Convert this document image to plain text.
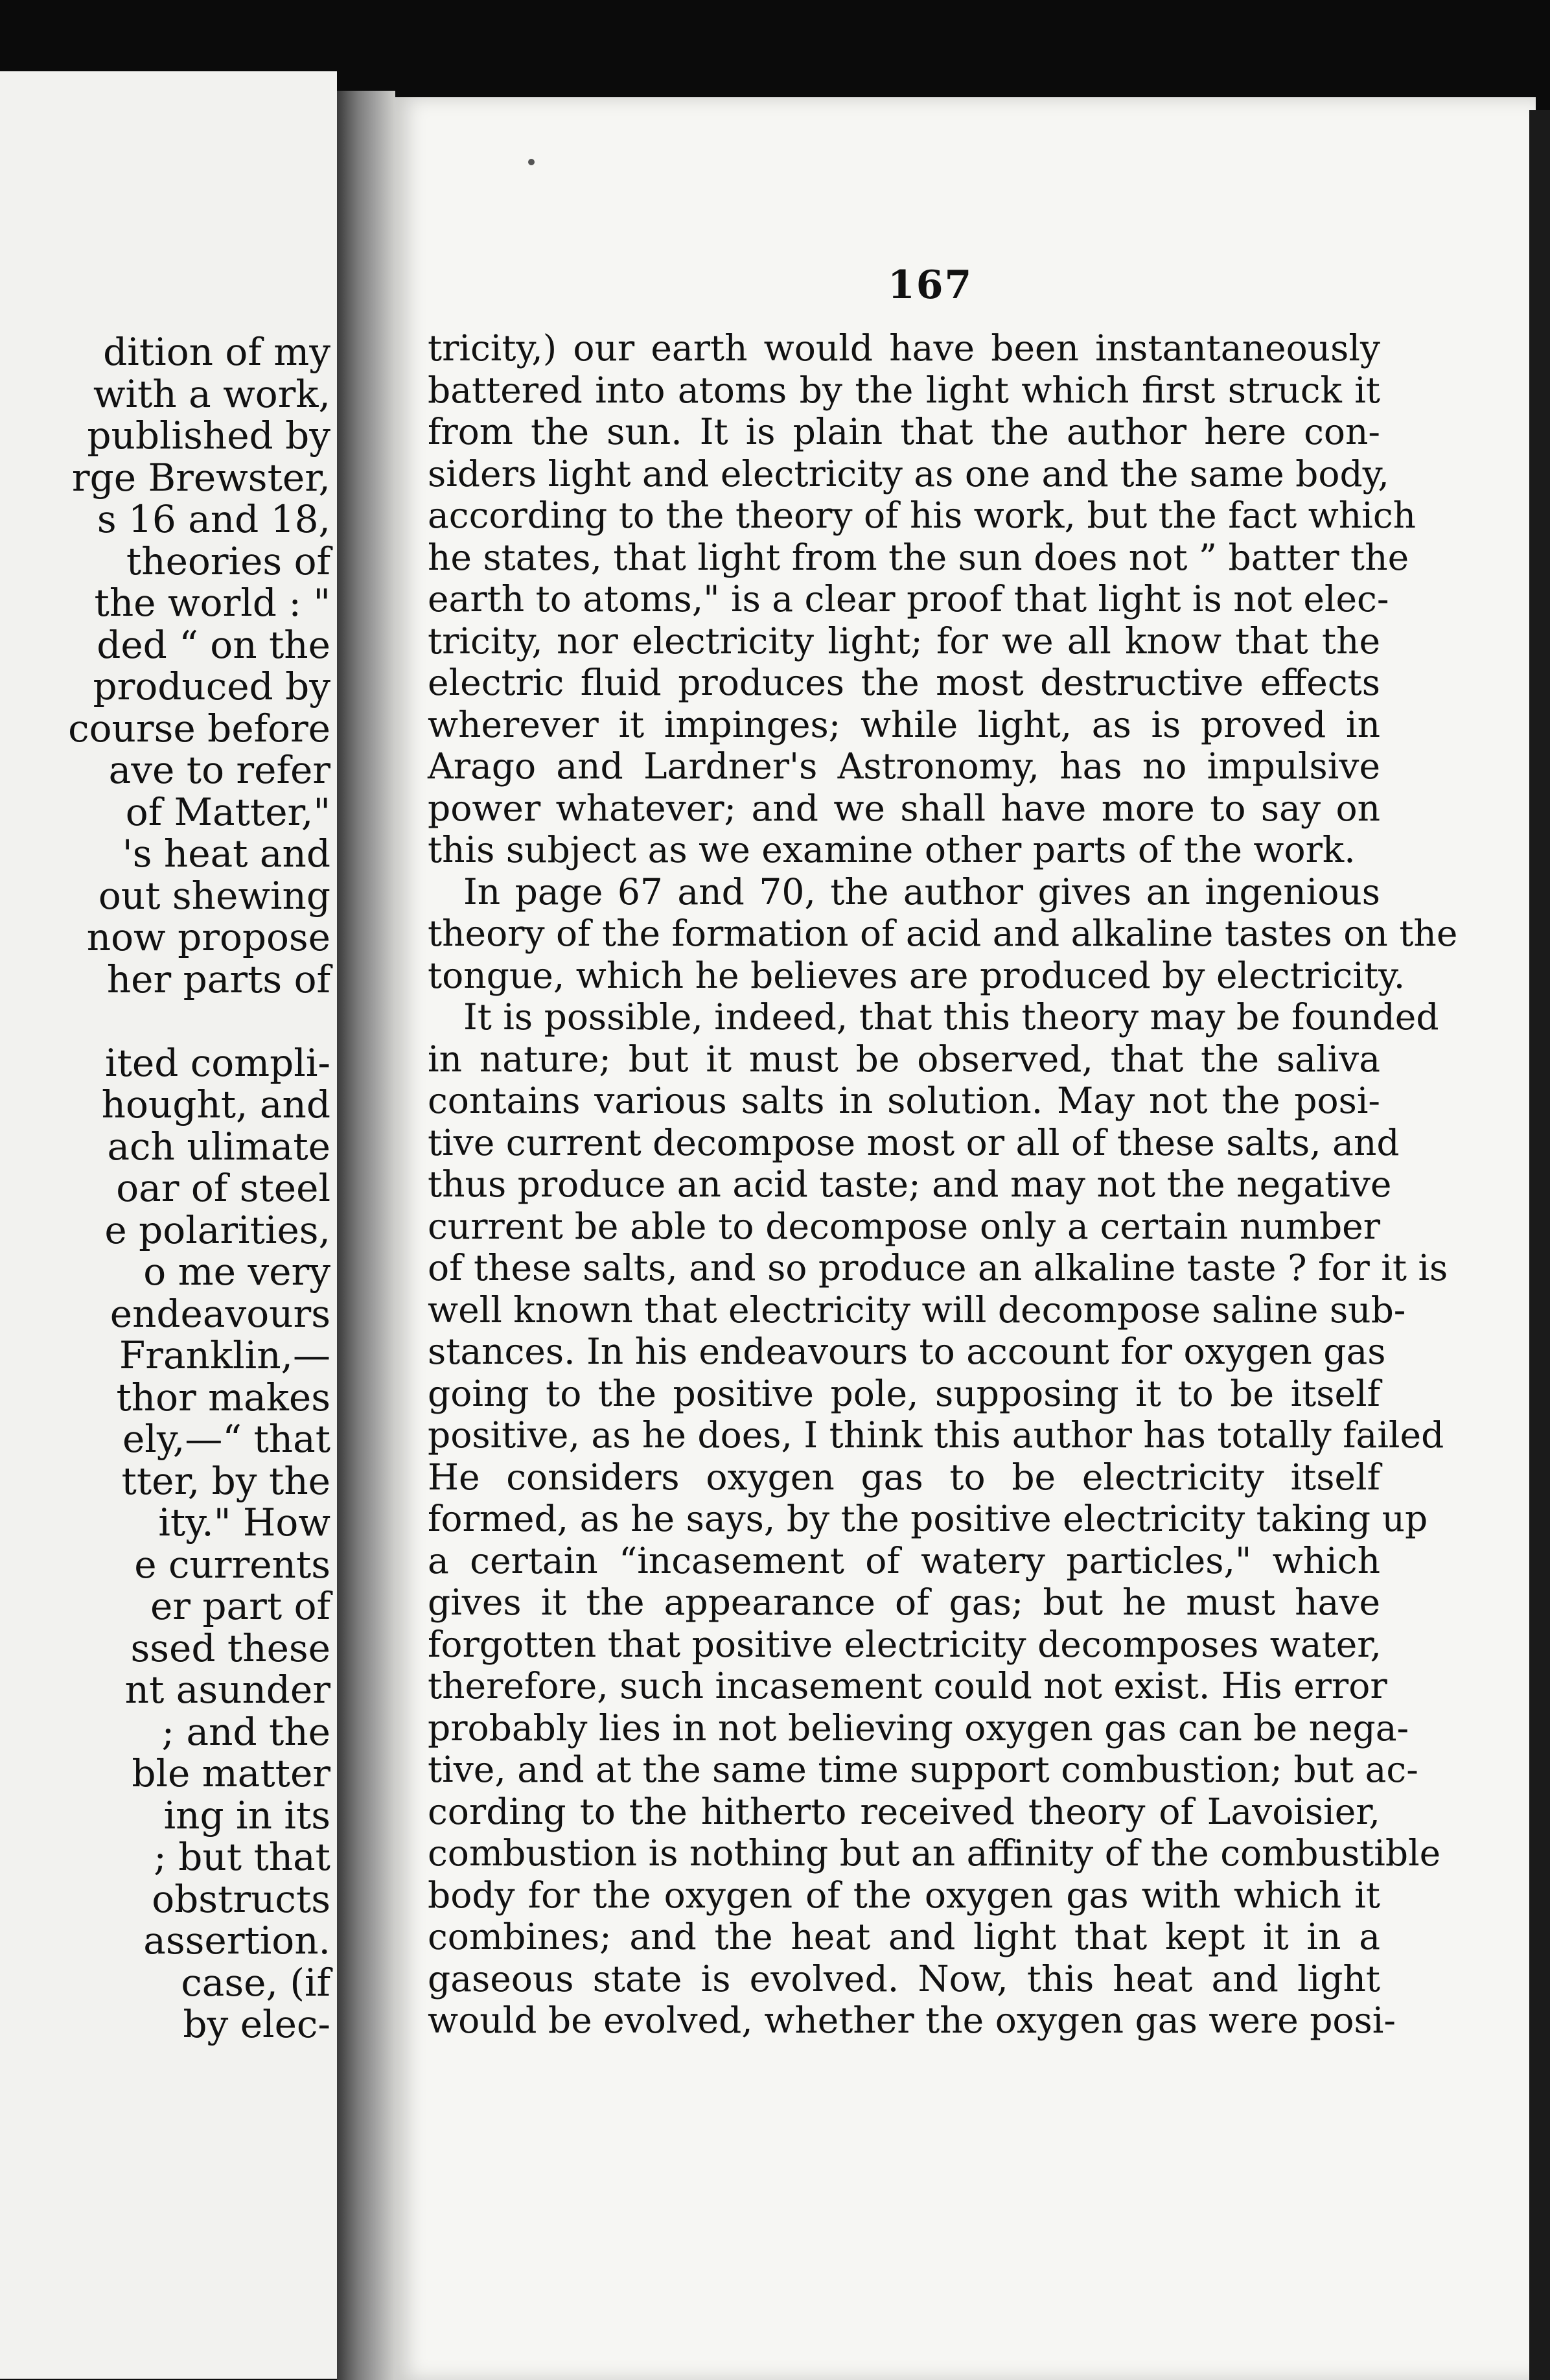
dition of my
with a work,
published by
rge Brewster,
s 16 and 18,
theories of
the world : "
ded “ on the
produced by
course before
ave to refer
of Matter,"
's heat and
out shewing
now propose
her parts of
ited compli-
hought, and
ach ulimate
oar of steel
e polarities,
o me very
endeavours
Franklin,—
thor makes
ely,—“ that
tter, by the
ity." How
e currents
er part of
ssed these
nt asunder
; and the
ble matter
ing in its
; but that
obstructs
assertion.
case, (if
by elec-
167
tricity,) our earth would have been instantaneously
battered into atoms by the light which first struck it
from the sun. It is plain that the author here con-
siders light and electricity as one and the same body,
according to the theory of his work, but the fact which
he states, that light from the sun does not ” batter the
earth to atoms," is a clear proof that light is not elec-
tricity, nor electricity light; for we all know that the
electric fluid produces the most destructive effects
wherever it impinges; while light, as is proved in
Arago and Lardner's Astronomy, has no impulsive
power whatever; and we shall have more to say on
this subject as we examine other parts of the work.
In page 67 and 70, the author gives an ingenious
theory of the formation of acid and alkaline tastes on the
tongue, which he believes are produced by electricity.
It is possible, indeed, that this theory may be founded
in nature; but it must be observed, that the saliva
contains various salts in solution. May not the posi-
tive current decompose most or all of these salts, and
thus produce an acid taste; and may not the negative
current be able to decompose only a certain number
of these salts, and so produce an alkaline taste ? for it is
well known that electricity will decompose saline sub-
stances. In his endeavours to account for oxygen gas
going to the positive pole, supposing it to be itself
positive, as he does, I think this author has totally failed
He considers oxygen gas to be electricity itself
formed, as he says, by the positive electricity taking up
a certain “incasement of watery particles," which
gives it the appearance of gas; but he must have
forgotten that positive electricity decomposes water,
therefore, such incasement could not exist. His error
probably lies in not believing oxygen gas can be nega-
tive, and at the same time support combustion; but ac-
cording to the hitherto received theory of Lavoisier,
combustion is nothing but an affinity of the combustible
body for the oxygen of the oxygen gas with which it
combines; and the heat and light that kept it in a
gaseous state is evolved. Now, this heat and light
would be evolved, whether the oxygen gas were posi-
